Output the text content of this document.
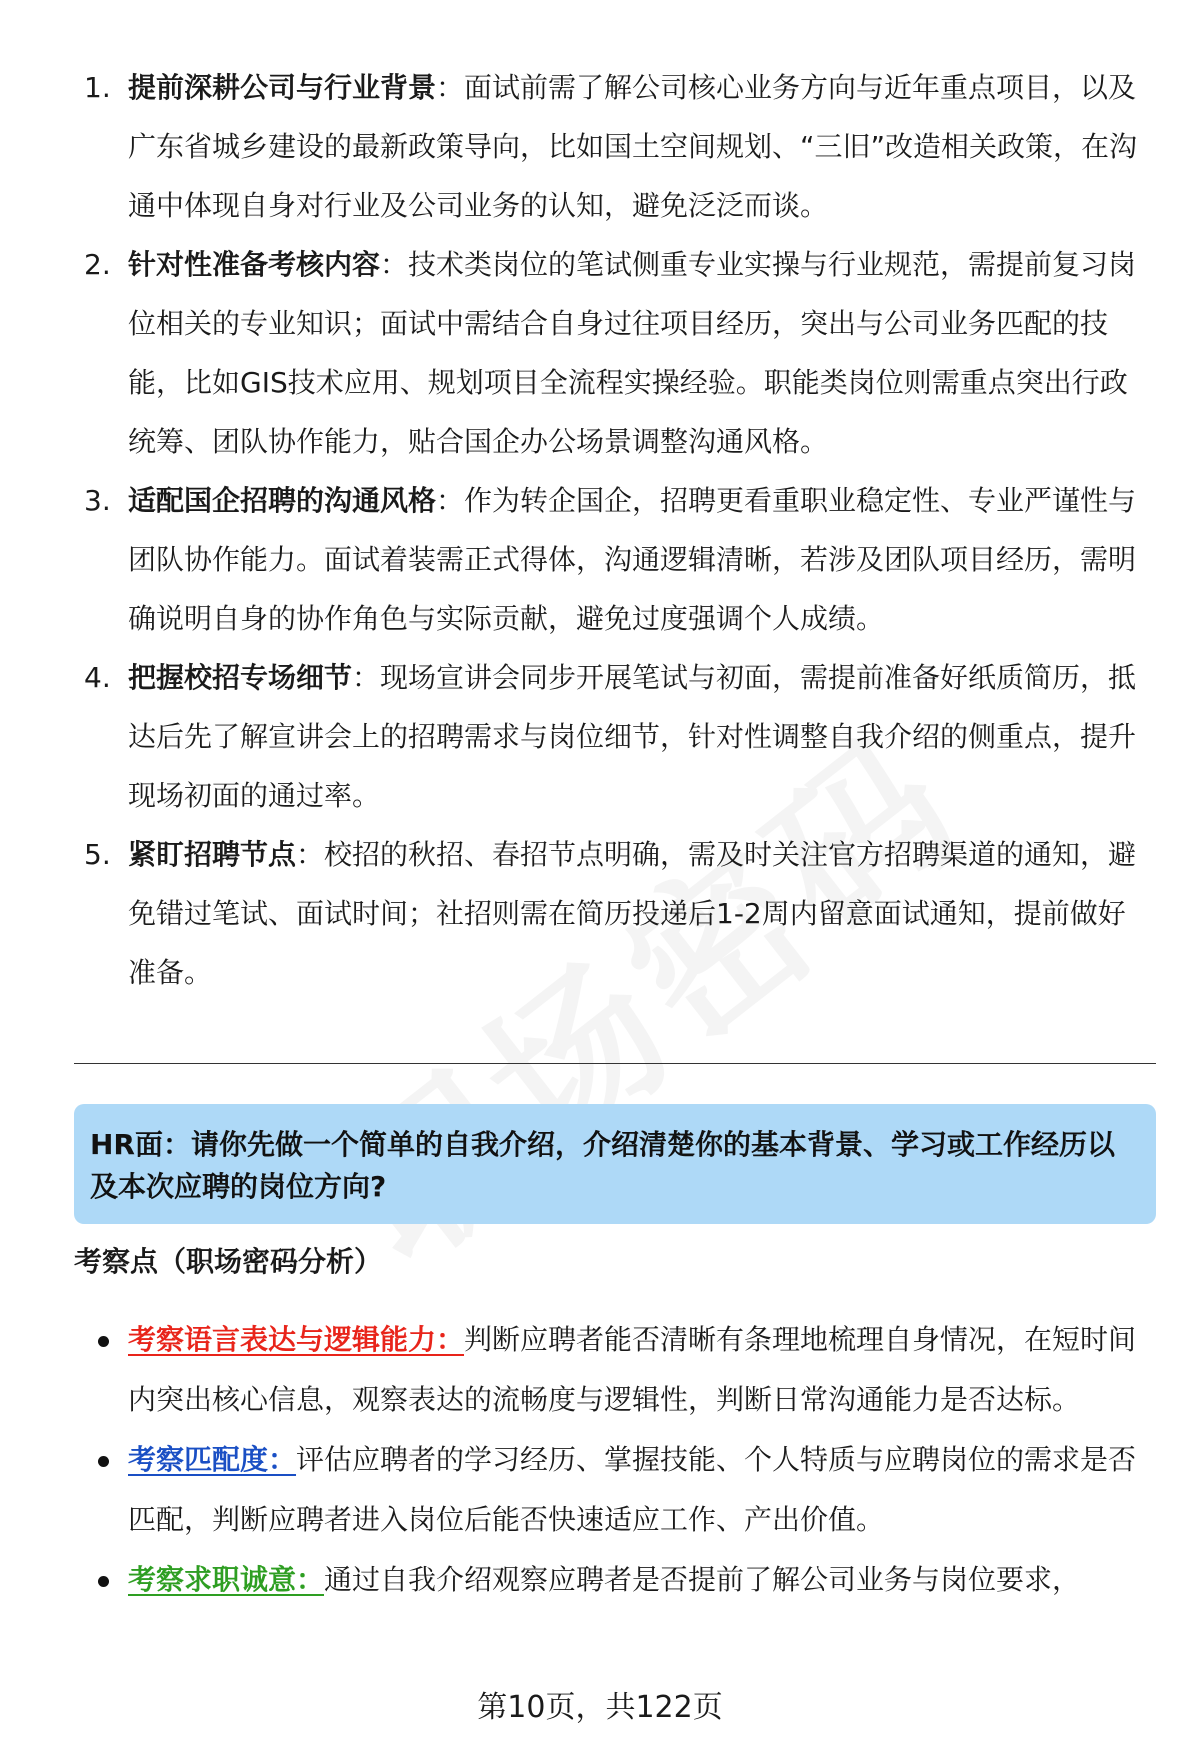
1. 提前深耕公司与行业背景：面试前需了解公司核心业务方向与近年重点项目，以及广东省城乡建设的最新政策导向，比如国土空间规划、“三旧”改造相关政策，在沟通中体现自身对行业及公司业务的认知，避免泛泛而谈。
2. 针对性准备考核内容：技术类岗位的笔试侧重专业实操与行业规范，需提前复习岗位相关的专业知识；面试中需结合自身过往项目经历，突出与公司业务匹配的技能，比如GIS技术应用、规划项目全流程实操经验。职能类岗位则需重点突出行政统筹、团队协作能力，贴合国企办公场景调整沟通风格。
3. 适配国企招聘的沟通风格：作为转企国企，招聘更看重职业稳定性、专业严谨性与团队协作能力。面试着装需正式得体，沟通逻辑清晰，若涉及团队项目经历，需明确说明自身的协作角色与实际贡献，避免过度强调个人成绩。
4. 把握校招专场细节：现场宣讲会同步开展笔试与初面，需提前准备好纸质简历，抵达后先了解宣讲会上的招聘需求与岗位细节，针对性调整自我介绍的侧重点，提升现场初面的通过率。
5. 紧盯招聘节点：校招的秋招、春招节点明确，需及时关注官方招聘渠道的通知，避免错过笔试、面试时间；社招则需在简历投递后1-2周内留意面试通知，提前做好准备。
HR面：请你先做一个简单的自我介绍，介绍清楚你的基本背景、学习或工作经历以及本次应聘的岗位方向?
考察点（职场密码分析）
考察语言表达与逻辑能力：判断应聘者能否清晰有条理地梳理自身情况，在短时间内突出核心信息，观察表达的流畅度与逻辑性，判断日常沟通能力是否达标。
考察匹配度：评估应聘者的学习经历、掌握技能、个人特质与应聘岗位的需求是否匹配，判断应聘者进入岗位后能否快速适应工作、产出价值。
考察求职诚意：通过自我介绍观察应聘者是否提前了解公司业务与岗位要求，
第10页，共122页
